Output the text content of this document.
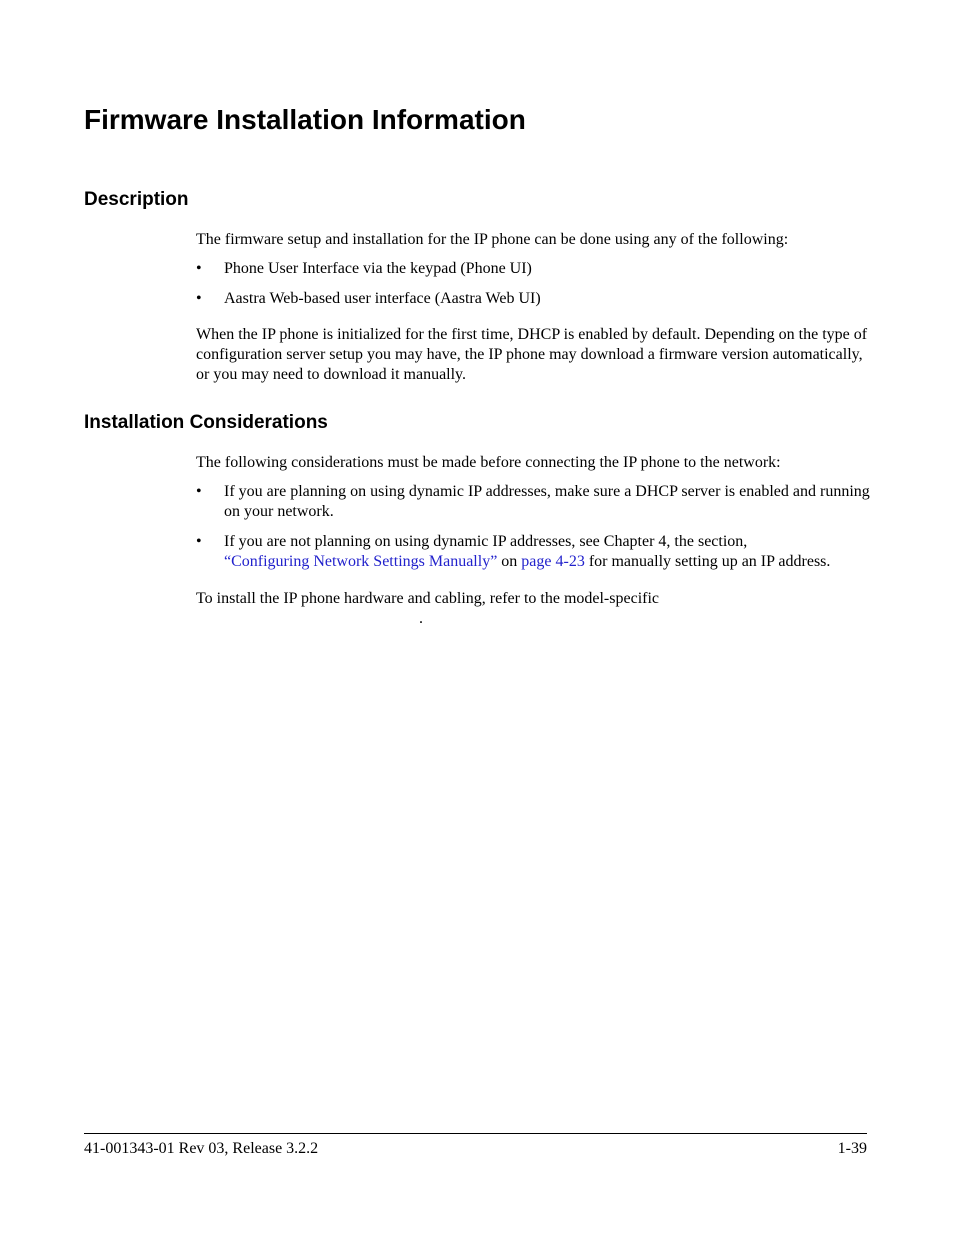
Firmware Installation Information
Description

The firmware setup and installation for the IP phone can be done using any of the following:

• Phone User Interface via the keypad (Phone UI)
• Aastra Web-based user interface (Aastra Web UI)

When the IP phone is initialized for the first time, DHCP is enabled by default. Depending on the type of configuration server setup you may have, the IP phone may download a firmware version automatically, or you may need to download it manually.

Installation Considerations

The following considerations must be made before connecting the IP phone to the network:

• If you are planning on using dynamic IP addresses, make sure a DHCP server is enabled and running on your network.
• If you are not planning on using dynamic IP addresses, see Chapter 4, the section,
“Configuring Network Settings Manually” on page 4-23 for manually setting up an IP address.

To install the IP phone hardware and cabling, refer to the model-specific

.

41-001343-01 Rev 03, Release 3.2.2	1-39
